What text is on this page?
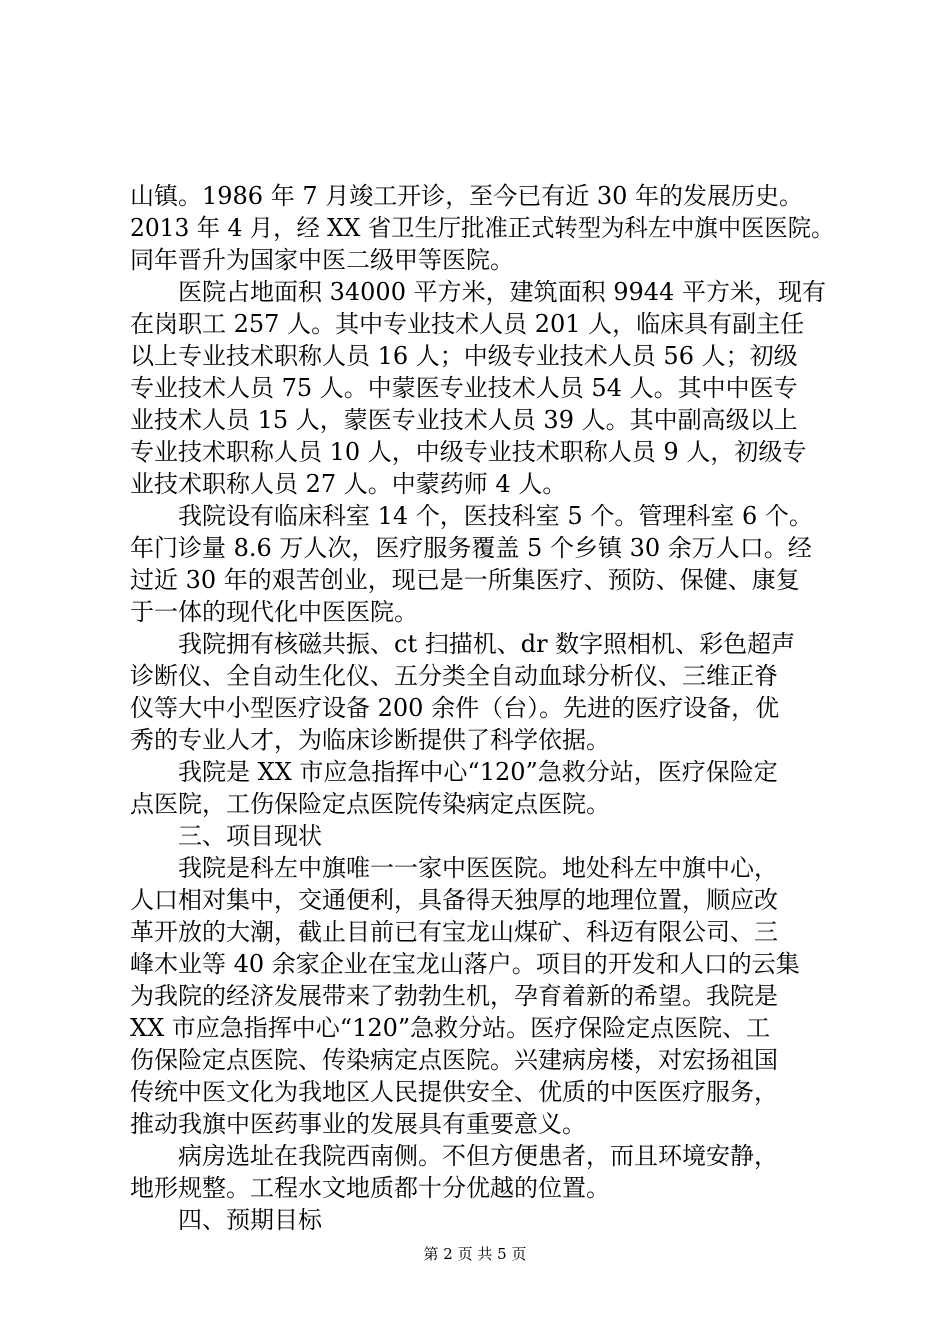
山镇。1986 年 7 月竣工开诊，至今已有近 30 年的发展历史。
2013 年 4 月，经 XX 省卫生厅批准正式转型为科左中旗中医医院。
同年晋升为国家中医二级甲等医院。
医院占地面积 34000 平方米，建筑面积 9944 平方米，现有
在岗职工 257 人。其中专业技术人员 201 人，临床具有副主任
以上专业技术职称人员 16 人；中级专业技术人员 56 人；初级
专业技术人员 75 人。中蒙医专业技术人员 54 人。其中中医专
业技术人员 15 人，蒙医专业技术人员 39 人。其中副高级以上
专业技术职称人员 10 人，中级专业技术职称人员 9 人，初级专
业技术职称人员 27 人。中蒙药师 4 人。
我院设有临床科室 14 个，医技科室 5 个。管理科室 6 个。
年门诊量 8.6 万人次，医疗服务覆盖 5 个乡镇 30 余万人口。经
过近 30 年的艰苦创业，现已是一所集医疗、预防、保健、康复
于一体的现代化中医医院。
我院拥有核磁共振、ct 扫描机、dr 数字照相机、彩色超声
诊断仪、全自动生化仪、五分类全自动血球分析仪、三维正脊
仪等大中小型医疗设备 200 余件（台）。先进的医疗设备，优
秀的专业人才，为临床诊断提供了科学依据。
我院是 XX 市应急指挥中心“120”急救分站，医疗保险定
点医院，工伤保险定点医院传染病定点医院。
三、项目现状
我院是科左中旗唯一一家中医医院。地处科左中旗中心，
人口相对集中，交通便利，具备得天独厚的地理位置，顺应改
革开放的大潮，截止目前已有宝龙山煤矿、科迈有限公司、三
峰木业等 40 余家企业在宝龙山落户。项目的开发和人口的云集
为我院的经济发展带来了勃勃生机，孕育着新的希望。我院是
XX 市应急指挥中心“120”急救分站。医疗保险定点医院、工
伤保险定点医院、传染病定点医院。兴建病房楼，对宏扬祖国
传统中医文化为我地区人民提供安全、优质的中医医疗服务，
推动我旗中医药事业的发展具有重要意义。
病房选址在我院西南侧。不但方便患者，而且环境安静，
地形规整。工程水文地质都十分优越的位置。
四、预期目标
第 2 页 共 5 页
